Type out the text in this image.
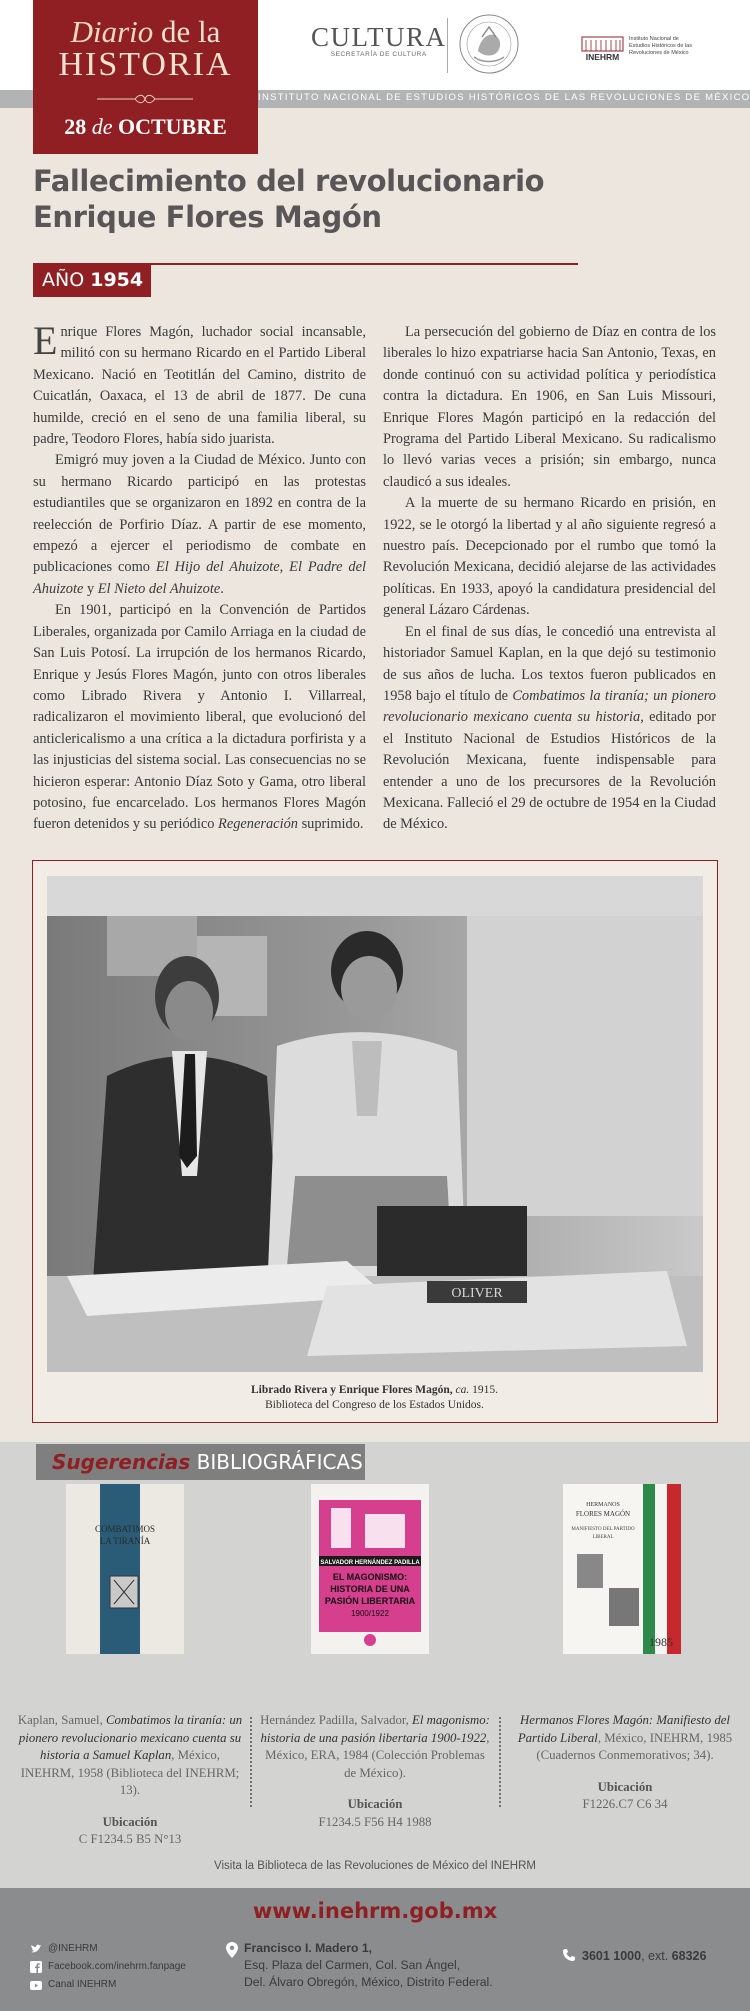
INSTITUTO NACIONAL DE ESTUDIOS HISTÓRICOS DE LAS REVOLUCIONES DE MÉXICO
Diario de la
HISTORIA
28 de OCTUBRE
CULTURA
SECRETARÍA DE CULTURA	INEHRM
Instituto Nacional de Estudios Históricos de las Revoluciones de México
Fallecimiento del revolucionario
Enrique Flores Magón
AÑO 1954

Enrique Flores Magón, luchador social incansable, militó con su hermano Ricardo en el Partido Liberal Mexicano. Nació en Teotitlán del Camino, distrito de Cuicatlán, Oaxaca, el 13 de abril de 1877. De cuna humilde, creció en el seno de una familia liberal, su padre, Teodoro Flores, había sido juarista.

Emigró muy joven a la Ciudad de México. Junto con su hermano Ricardo participó en las protestas estudiantiles que se organizaron en 1892 en contra de la reelección de Porfirio Díaz. A partir de ese momento, empezó a ejercer el periodismo de combate en publicaciones como El Hijo del Ahuizote, El Padre del Ahuizote y El Nieto del Ahuizote.

En 1901, participó en la Convención de Partidos Liberales, organizada por Camilo Arriaga en la ciudad de San Luis Potosí. La irrupción de los hermanos Ricardo, Enrique y Jesús Flores Magón, junto con otros liberales como Librado Rivera y Antonio I. Villarreal, radicalizaron el movimiento liberal, que evolucionó del anticlericalismo a una crítica a la dictadura porfirista y a las injusticias del sistema social. Las consecuencias no se hicieron esperar: Antonio Díaz Soto y Gama, otro liberal potosino, fue encarcelado. Los hermanos Flores Magón fueron detenidos y su periódico Regeneración suprimido.

La persecución del gobierno de Díaz en contra de los liberales lo hizo expatriarse hacia San Antonio, Texas, en donde continuó con su actividad política y periodística contra la dictadura. En 1906, en San Luis Missouri, Enrique Flores Magón participó en la redacción del Programa del Partido Liberal Mexicano. Su radicalismo lo llevó varias veces a prisión; sin embargo, nunca claudicó a sus ideales.

A la muerte de su hermano Ricardo en prisión, en 1922, se le otorgó la libertad y al año siguiente regresó a nuestro país. Decepcionado por el rumbo que tomó la Revolución Mexicana, decidió alejarse de las actividades políticas. En 1933, apoyó la candidatura presidencial del general Lázaro Cárdenas.

En el final de sus días, le concedió una entrevista al historiador Samuel Kaplan, en la que dejó su testimonio de sus años de lucha. Los textos fueron publicados en 1958 bajo el título de Combatimos la tiranía; un pionero revolucionario mexicano cuenta su historia, editado por el Instituto Nacional de Estudios Históricos de la Revolución Mexicana, fuente indispensable para entender a uno de los precursores de la Revolución Mexicana. Falleció el 29 de octubre de 1954 en la Ciudad de México.

OLIVER
Librado Rivera y Enrique Flores Magón, ca. 1915.
Biblioteca del Congreso de los Estados Unidos.
Sugerencias BIBLIOGRÁFICAS
COMBATIMOS
LA TIRANÍA
SALVADOR HERNÁNDEZ PADILLA
EL MAGONISMO:
HISTORIA DE UNA
PASIÓN LIBERTARIA
1900/1922
HERMANOS
FLORES MAGÓN
MANIFIESTO DEL PARTIDO
LIBERAL
1985
Kaplan, Samuel, Combatimos la tiranía: un pionero revolucionario mexicano cuenta su historia a Samuel Kaplan, México, INEHRM, 1958 (Biblioteca del INEHRM; 13).
Ubicación
C F1234.5 B5 N°13
Hernández Padilla, Salvador, El magonismo: historia de una pasión libertaria 1900-1922, México, ERA, 1984 (Colección Problemas de México).
Ubicación
F1234.5 F56 H4 1988
Hermanos Flores Magón: Manifiesto del Partido Liberal, México, INEHRM, 1985 (Cuadernos Conmemorativos; 34).
Ubicación
F1226.C7 C6 34
Visita la Biblioteca de las Revoluciones de México del INEHRM
www.inehrm.gob.mx
@INEHRM
Facebook.com/inehrm.fanpage
Canal INEHRM
Francisco I. Madero 1,
Esq. Plaza del Carmen, Col. San Ángel,
Del. Álvaro Obregón, México, Distrito Federal.
3601 1000, ext. 68326
